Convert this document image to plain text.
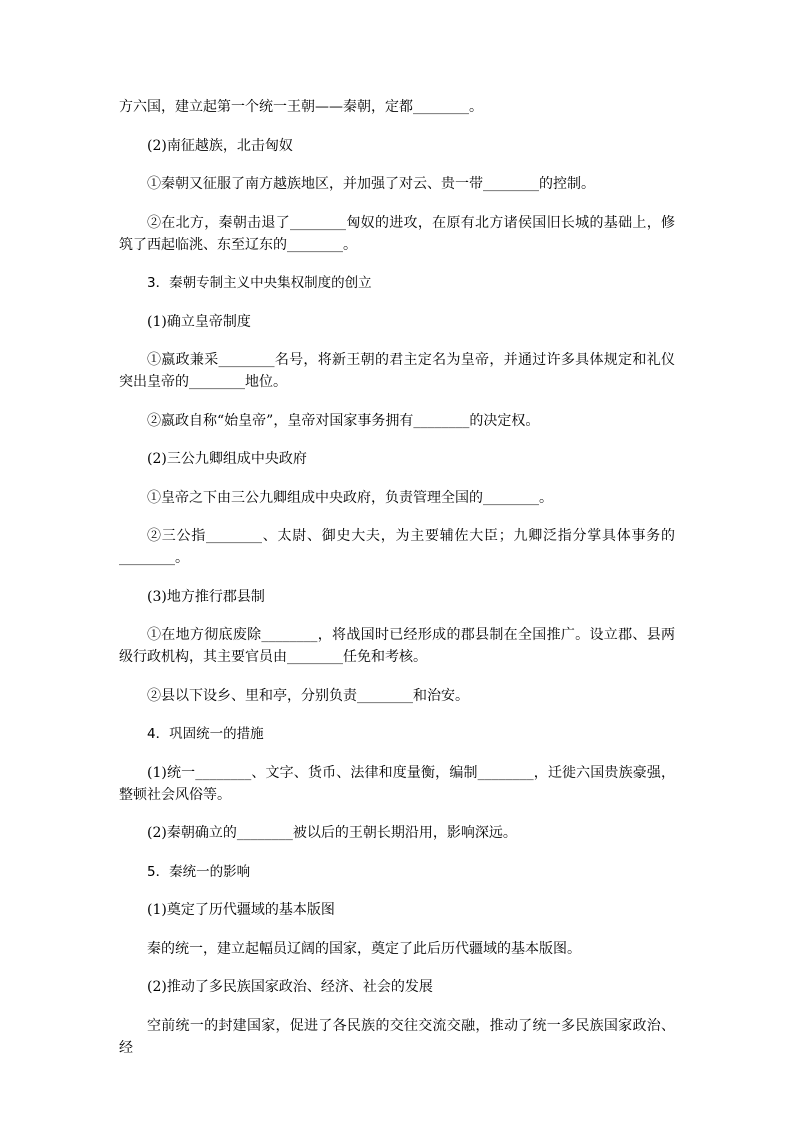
方六国，建立起第一个统一王朝——秦朝，定都________。

(2)南征越族，北击匈奴

①秦朝又征服了南方越族地区，并加强了对云、贵一带________的控制。

②在北方，秦朝击退了________匈奴的进攻，在原有北方诸侯国旧长城的基础上，修筑了西起临洮、东至辽东的________。

3．秦朝专制主义中央集权制度的创立

(1)确立皇帝制度

①嬴政兼采________名号，将新王朝的君主定名为皇帝，并通过许多具体规定和礼仪突出皇帝的________地位。

②嬴政自称“始皇帝”，皇帝对国家事务拥有________的决定权。

(2)三公九卿组成中央政府

①皇帝之下由三公九卿组成中央政府，负责管理全国的________。

②三公指________、太尉、御史大夫，为主要辅佐大臣；九卿泛指分掌具体事务的________。

(3)地方推行郡县制

①在地方彻底废除________，将战国时已经形成的郡县制在全国推广。设立郡、县两级行政机构，其主要官员由________任免和考核。

②县以下设乡、里和亭，分别负责________和治安。

4．巩固统一的措施

(1)统一________、文字、货币、法律和度量衡，编制________，迁徙六国贵族豪强，整顿社会风俗等。

(2)秦朝确立的________被以后的王朝长期沿用，影响深远。

5．秦统一的影响

(1)奠定了历代疆域的基本版图

秦的统一，建立起幅员辽阔的国家，奠定了此后历代疆域的基本版图。

(2)推动了多民族国家政治、经济、社会的发展

空前统一的封建国家，促进了各民族的交往交流交融，推动了统一多民族国家政治、经
